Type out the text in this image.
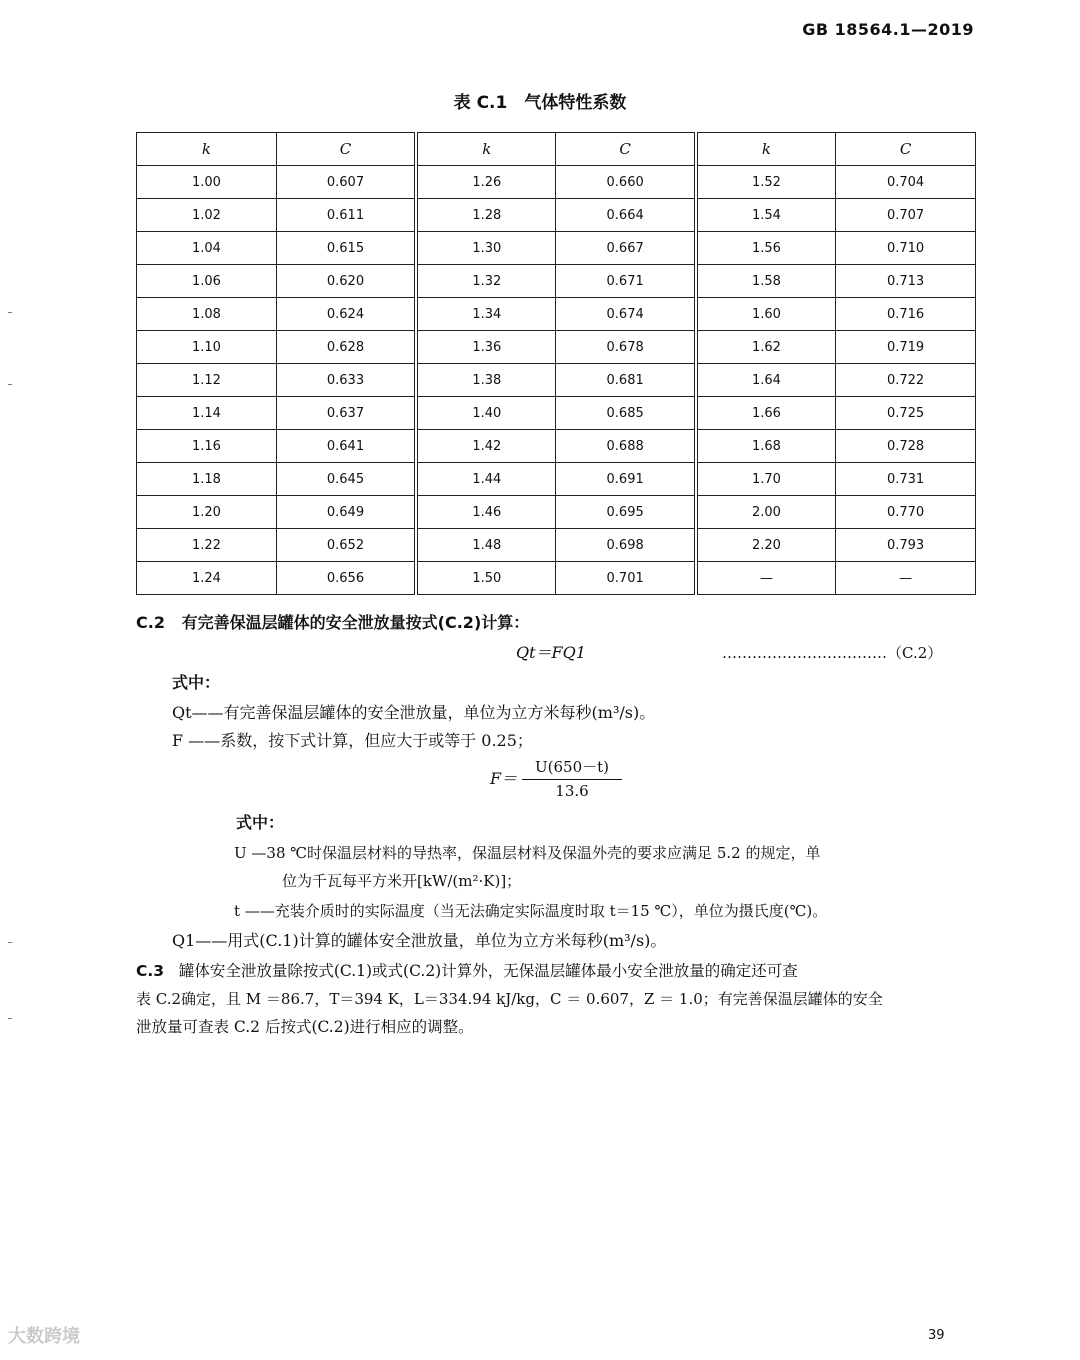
GB 18564.1—2019
表 C.1　气体特性系数
k	C	k	C	k	C
1.00	0.607	1.26	0.660	1.52	0.704
1.02	0.611	1.28	0.664	1.54	0.707
1.04	0.615	1.30	0.667	1.56	0.710
1.06	0.620	1.32	0.671	1.58	0.713
1.08	0.624	1.34	0.674	1.60	0.716
1.10	0.628	1.36	0.678	1.62	0.719
1.12	0.633	1.38	0.681	1.64	0.722
1.14	0.637	1.40	0.685	1.66	0.725
1.16	0.641	1.42	0.688	1.68	0.728
1.18	0.645	1.44	0.691	1.70	0.731
1.20	0.649	1.46	0.695	2.00	0.770
1.22	0.652	1.48	0.698	2.20	0.793
1.24	0.656	1.50	0.701	—	—
C.2 有完善保温层罐体的安全泄放量按式(C.2)计算：
Qt＝FQ1	……………………………（C.2）
式中：
Qt——有完善保温层罐体的安全泄放量，单位为立方米每秒(m³/s)。
F ——系数，按下式计算，但应大于或等于 0.25；
$F= \frac{U(650-t)}{13.6}$
式中：
U —38 ℃时保温层材料的导热率，保温层材料及保温外壳的要求应满足 5.2 的规定，单
位为千瓦每平方米开[kW/(m²·K)]；
t ——充装介质时的实际温度（当无法确定实际温度时取 t＝15 ℃），单位为摄氏度(℃)。
Q1——用式(C.1)计算的罐体安全泄放量，单位为立方米每秒(m³/s)。
C.3 罐体安全泄放量除按式(C.1)或式(C.2)计算外，无保温层罐体最小安全泄放量的确定还可查
表 C.2确定，且 M ＝86.7，T＝394 K，L＝334.94 kJ/kg，C ＝ 0.607，Z ＝ 1.0；有完善保温层罐体的安全
泄放量可查表 C.2 后按式(C.2)进行相应的调整。
大数跨境	39
